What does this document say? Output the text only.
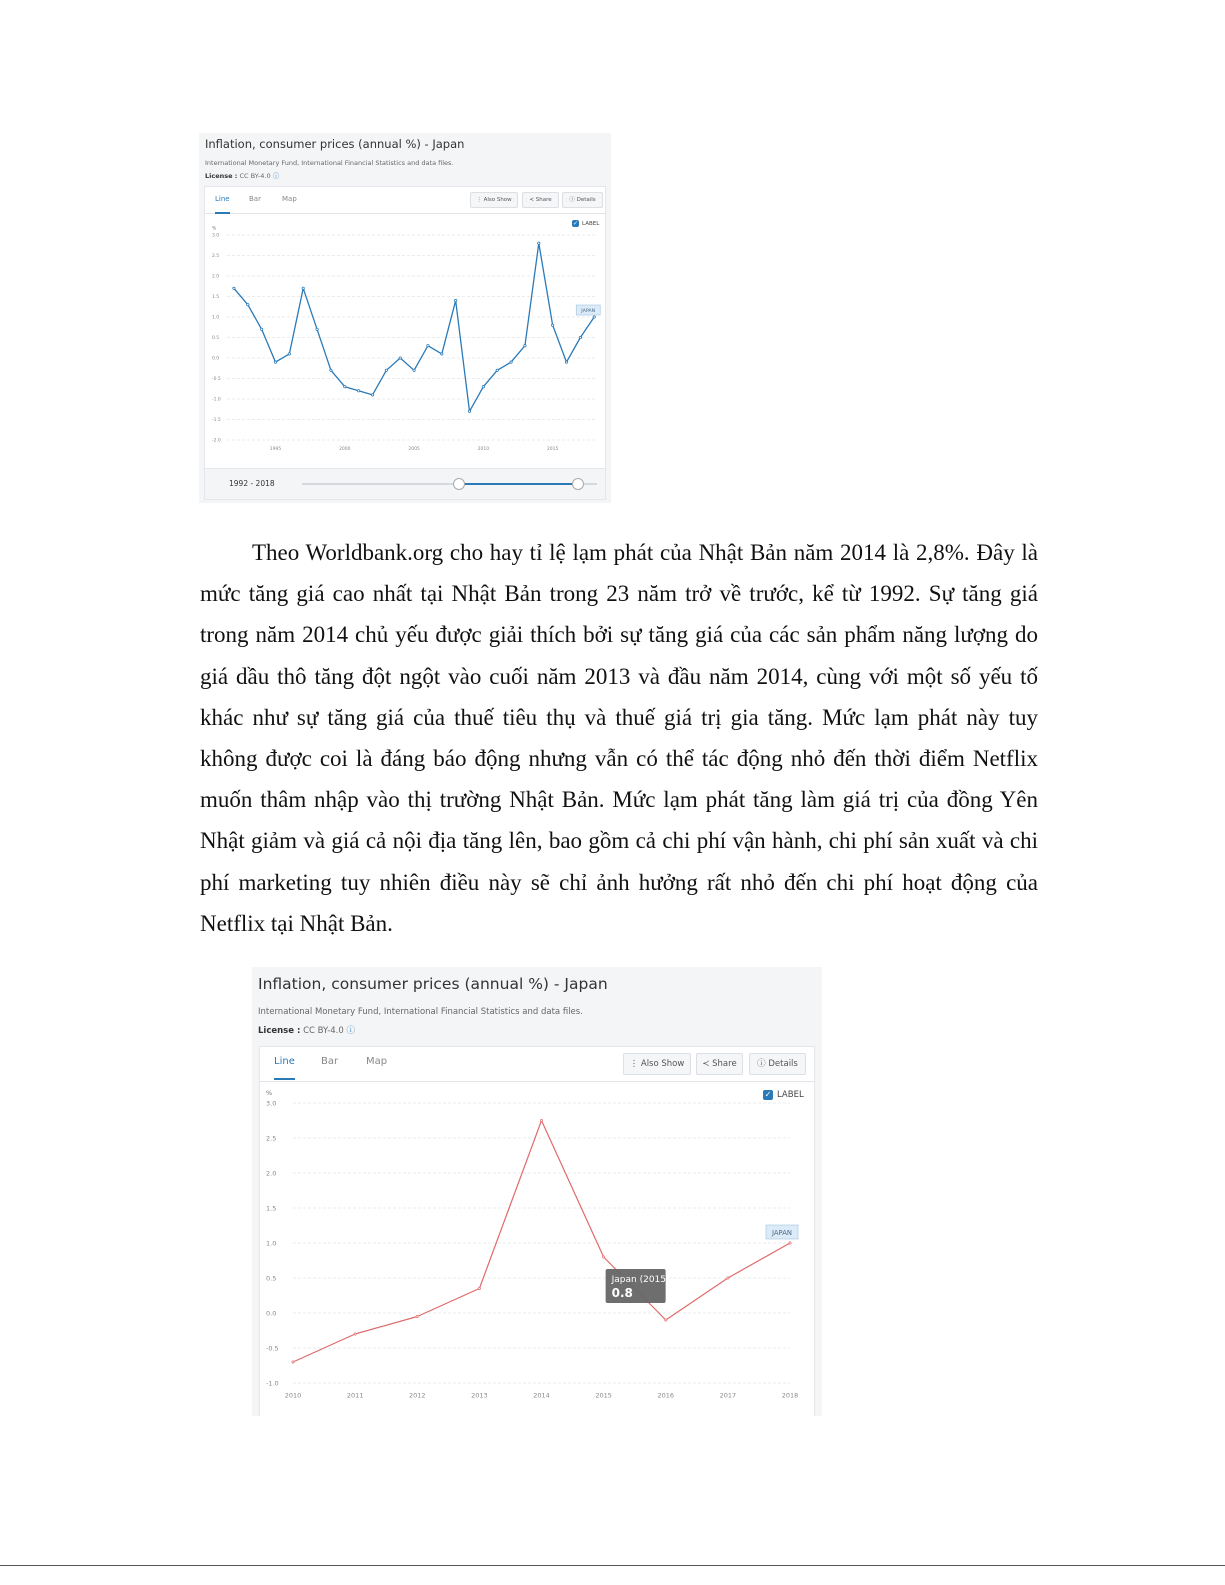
Inflation, consumer prices (annual %) - Japan
International Monetary Fund, International Financial Statistics and data files.
License : CC BY-4.0 ⓘ
Line	Bar	Map	⋮ Also Show	≺ Share	ⓘ Details
✓ LABEL
%
3.0
2.5
2.0
1.5
1.0
0.5
0.0
-0.5
-1.0
-1.5
-2.0
1995	2000	2005	2010	2015
JAPAN
1992 - 2018

Theo Worldbank.org cho hay tỉ lệ lạm phát của Nhật Bản năm 2014 là 2,8%. Đây là mức tăng giá cao nhất tại Nhật Bản trong 23 năm trở về trước, kể từ 1992. Sự tăng giá trong năm 2014 chủ yếu được giải thích bởi sự tăng giá của các sản phẩm năng lượng do giá dầu thô tăng đột ngột vào cuối năm 2013 và đầu năm 2014, cùng với một số yếu tố khác như sự tăng giá của thuế tiêu thụ và thuế giá trị gia tăng. Mức lạm phát này tuy không được coi là đáng báo động nhưng vẫn có thể tác động nhỏ đến thời điểm Netflix muốn thâm nhập vào thị trường Nhật Bản. Mức lạm phát tăng làm giá trị của đồng Yên Nhật giảm và giá cả nội địa tăng lên, bao gồm cả chi phí vận hành, chi phí sản xuất và chi phí marketing tuy nhiên điều này sẽ chỉ ảnh hưởng rất nhỏ đến chi phí hoạt động của Netflix tại Nhật Bản.

Inflation, consumer prices (annual %) - Japan
International Monetary Fund, International Financial Statistics and data files.
License : CC BY-4.0 ⓘ
Line	Bar	Map	⋮ Also Show	≺ Share	ⓘ Details
✓ LABEL
%
3.0
2.5
2.0
1.5
1.0
0.5
0.0
-0.5
-1.0
2010	2011	2012	2013	2014	2015	2016	2017	2018
JAPAN
Japan (2015)
0.8
